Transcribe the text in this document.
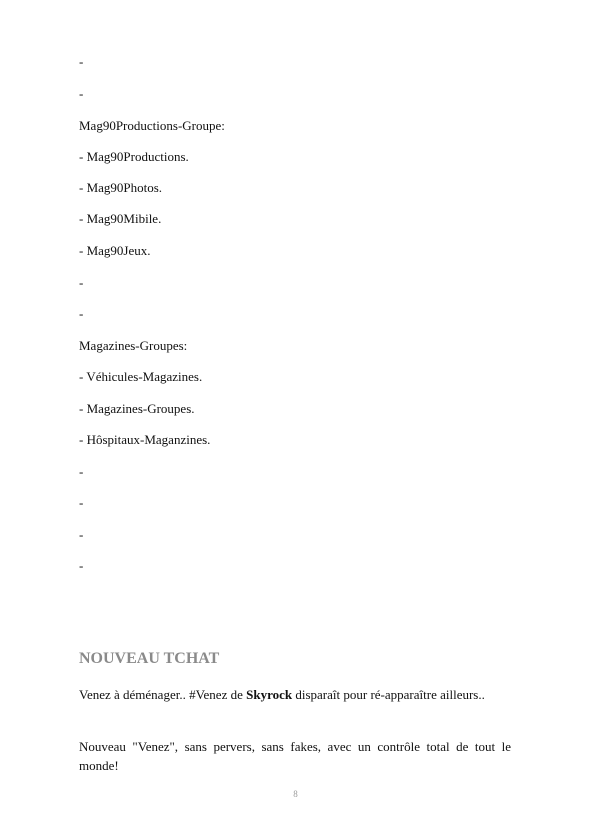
-
-
Mag90Productions-Groupe:
- Mag90Productions.
- Mag90Photos.
- Mag90Mibile.
- Mag90Jeux.
-
-
Magazines-Groupes:
- Véhicules-Magazines.
- Magazines-Groupes.
- Hôspitaux-Maganzines.
-
-
-
-
NOUVEAU TCHAT
Venez à déménager.. #Venez de Skyrock disparaît pour ré-apparaître ailleurs..
Nouveau "Venez", sans pervers, sans fakes, avec un contrôle total de tout le monde!
8
